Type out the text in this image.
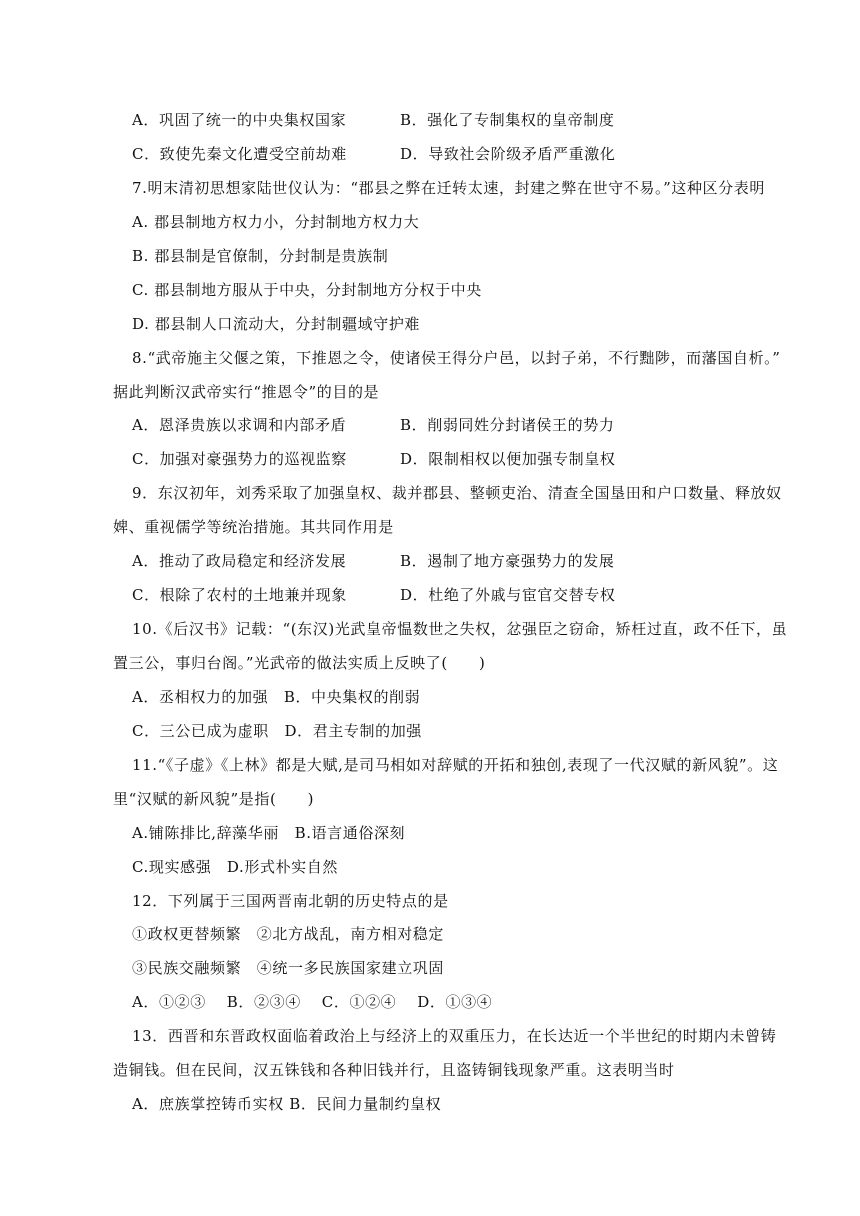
A．巩固了统一的中央集权国家	B．强化了专制集权的皇帝制度
C．致使先秦文化遭受空前劫难	D．导致社会阶级矛盾严重激化
7.明末清初思想家陆世仪认为：“郡县之弊在迁转太速，封建之弊在世守不易。”这种区分表明
A. 郡县制地方权力小，分封制地方权力大
B. 郡县制是官僚制，分封制是贵族制
C. 郡县制地方服从于中央，分封制地方分权于中央
D. 郡县制人口流动大，分封制疆域守护难
8.“武帝施主父偃之策，下推恩之令，使诸侯王得分户邑，以封子弟，不行黜陟，而藩国自析。”
据此判断汉武帝实行“推恩令”的目的是
A．恩泽贵族以求调和内部矛盾	B．削弱同姓分封诸侯王的势力
C．加强对豪强势力的巡视监察	D．限制相权以便加强专制皇权
9．东汉初年，刘秀采取了加强皇权、裁并郡县、整顿吏治、清查全国垦田和户口数量、释放奴
婢、重视儒学等统治措施。其共同作用是
A．推动了政局稳定和经济发展	B．遏制了地方豪强势力的发展
C．根除了农村的土地兼并现象	D．杜绝了外戚与宦官交替专权
10.《后汉书》记载：“(东汉)光武皇帝愠数世之失权，忿强臣之窃命，矫枉过直，政不任下，虽
置三公，事归台阁。”光武帝的做法实质上反映了(　　)
A．丞相权力的加强　B．中央集权的削弱
C．三公已成为虚职　D．君主专制的加强
11.“《子虚》《上林》都是大赋,是司马相如对辞赋的开拓和独创,表现了一代汉赋的新风貌”。这
里“汉赋的新风貌”是指(　　)
A.铺陈排比,辞藻华丽　B.语言通俗深刻
C.现实感强　D.形式朴实自然
12．下列属于三国两晋南北朝的历史特点的是
①政权更替频繁　②北方战乱，南方相对稳定
③民族交融频繁　④统一多民族国家建立巩固
A．①②③　 B．②③④　 C．①②④　 D．①③④
13．西晋和东晋政权面临着政治上与经济上的双重压力，在长达近一个半世纪的时期内未曾铸
造铜钱。但在民间，汉五铢钱和各种旧钱并行，且盗铸铜钱现象严重。这表明当时
A．庶族掌控铸币实权 B．民间力量制约皇权
